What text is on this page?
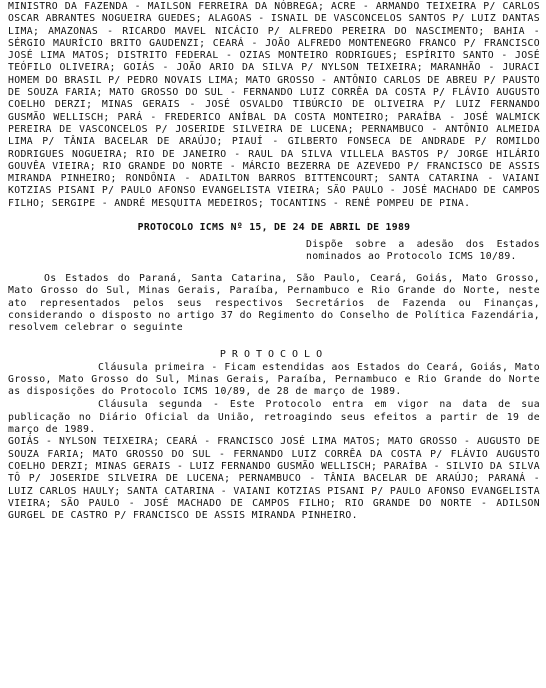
MINISTRO DA FAZENDA - MAILSON FERREIRA DA NÓBREGA; ACRE - ARMANDO TEIXEIRA P/ CARLOS OSCAR ABRANTES NOGUEIRA GUEDES; ALAGOAS - ISNAIL DE VASCONCELOS SANTOS P/ LUIZ DANTAS LIMA; AMAZONAS - RICARDO MAVEL NICÁCIO P/ ALFREDO PEREIRA DO NASCIMENTO; BAHIA - SÉRGIO MAURÍCIO BRITO GAUDENZI; CEARÁ - JOÃO ALFREDO MONTENEGRO FRANCO P/ FRANCISCO JOSÉ LIMA MATOS; DISTRITO FEDERAL - OZIAS MONTEIRO RODRIGUES; ESPÍRITO SANTO - JOSÉ TEÓFILO OLIVEIRA; GOIÁS - JOÃO ARIO DA SILVA P/ NYLSON TEIXEIRA; MARANHÃO - JURACI HOMEM DO BRASIL P/ PEDRO NOVAIS LIMA; MATO GROSSO - ANTÔNIO CARLOS DE ABREU P/ PAUSTO DE SOUZA FARIA; MATO GROSSO DO SUL - FERNANDO LUIZ CORRÊA DA COSTA P/ FLÁVIO AUGUSTO COELHO DERZI; MINAS GERAIS - JOSÉ OSVALDO TIBÚRCIO DE OLIVEIRA P/ LUIZ FERNANDO GUSMÃO WELLISCH; PARÁ - FREDERICO ANÍBAL DA COSTA MONTEIRO; PARAÍBA - JOSÉ WALMICK PEREIRA DE VASCONCELOS P/ JOSERIDE SILVEIRA DE LUCENA; PERNAMBUCO - ANTÔNIO ALMEIDA LIMA P/ TÂNIA BACELAR DE ARAÚJO; PIAUÍ - GILBERTO FONSECA DE ANDRADE P/ ROMILDO RODRIGUES NOGUEIRA; RIO DE JANEIRO - RAUL DA SILVA VILLELA BASTOS P/ JORGE HILÁRIO GOUVÊA VIEIRA; RIO GRANDE DO NORTE - MÁRCIO BEZERRA DE AZEVEDO P/ FRANCISCO DE ASSIS MIRANDA PINHEIRO; RONDÔNIA - ADAILTON BARROS BITTENCOURT; SANTA CATARINA - VAIANI KOTZIAS PISANI P/ PAULO AFONSO EVANGELISTA VIEIRA; SÃO PAULO - JOSÉ MACHADO DE CAMPOS FILHO; SERGIPE - ANDRÉ MESQUITA MEDEIROS; TOCANTINS - RENÉ POMPEU DE PINA.

PROTOCOLO ICMS Nº 15, DE 24 DE ABRIL DE 1989
Dispõe sobre a adesão dos Estados nominados ao Protocolo ICMS 10/89.
Os Estados do Paraná, Santa Catarina, São Paulo, Ceará, Goiás, Mato Grosso, Mato Grosso do Sul, Minas Gerais, Paraíba, Pernambuco e Rio Grande do Norte, neste ato representados pelos seus respectivos Secretários de Fazenda ou Finanças, considerando o disposto no artigo 37 do Regimento do Conselho de Política Fazendária, resolvem celebrar o seguinte
PROTOCOLO
Cláusula primeira - Ficam estendidas aos Estados do Ceará, Goiás, Mato Grosso, Mato Grosso do Sul, Minas Gerais, Paraíba, Pernambuco e Rio Grande do Norte as disposições do Protocolo ICMS 10/89, de 28 de março de 1989.
Cláusula segunda - Este Protocolo entra em vigor na data de sua publicação no Diário Oficial da União, retroagindo seus efeitos a partir de 19 de março de 1989.
GOIÁS - NYLSON TEIXEIRA; CEARÁ - FRANCISCO JOSÉ LIMA MATOS; MATO GROSSO - AUGUSTO DE SOUZA FARIA; MATO GROSSO DO SUL - FERNANDO LUIZ CORRÊA DA COSTA P/ FLÁVIO AUGUSTO COELHO DERZI; MINAS GERAIS - LUIZ FERNANDO GUSMÃO WELLISCH; PARAÍBA - SILVIO DA SILVA TÔ P/ JOSERIDE SILVEIRA DE LUCENA; PERNAMBUCO - TÂNIA BACELAR DE ARAÚJO; PARANÁ - LUIZ CARLOS HAULY; SANTA CATARINA - VAIANI KOTZIAS PISANI P/ PAULO AFONSO EVANGELISTA VIEIRA; SÃO PAULO - JOSÉ MACHADO DE CAMPOS FILHO; RIO GRANDE DO NORTE - ADILSON GURGEL DE CASTRO P/ FRANCISCO DE ASSIS MIRANDA PINHEIRO.
